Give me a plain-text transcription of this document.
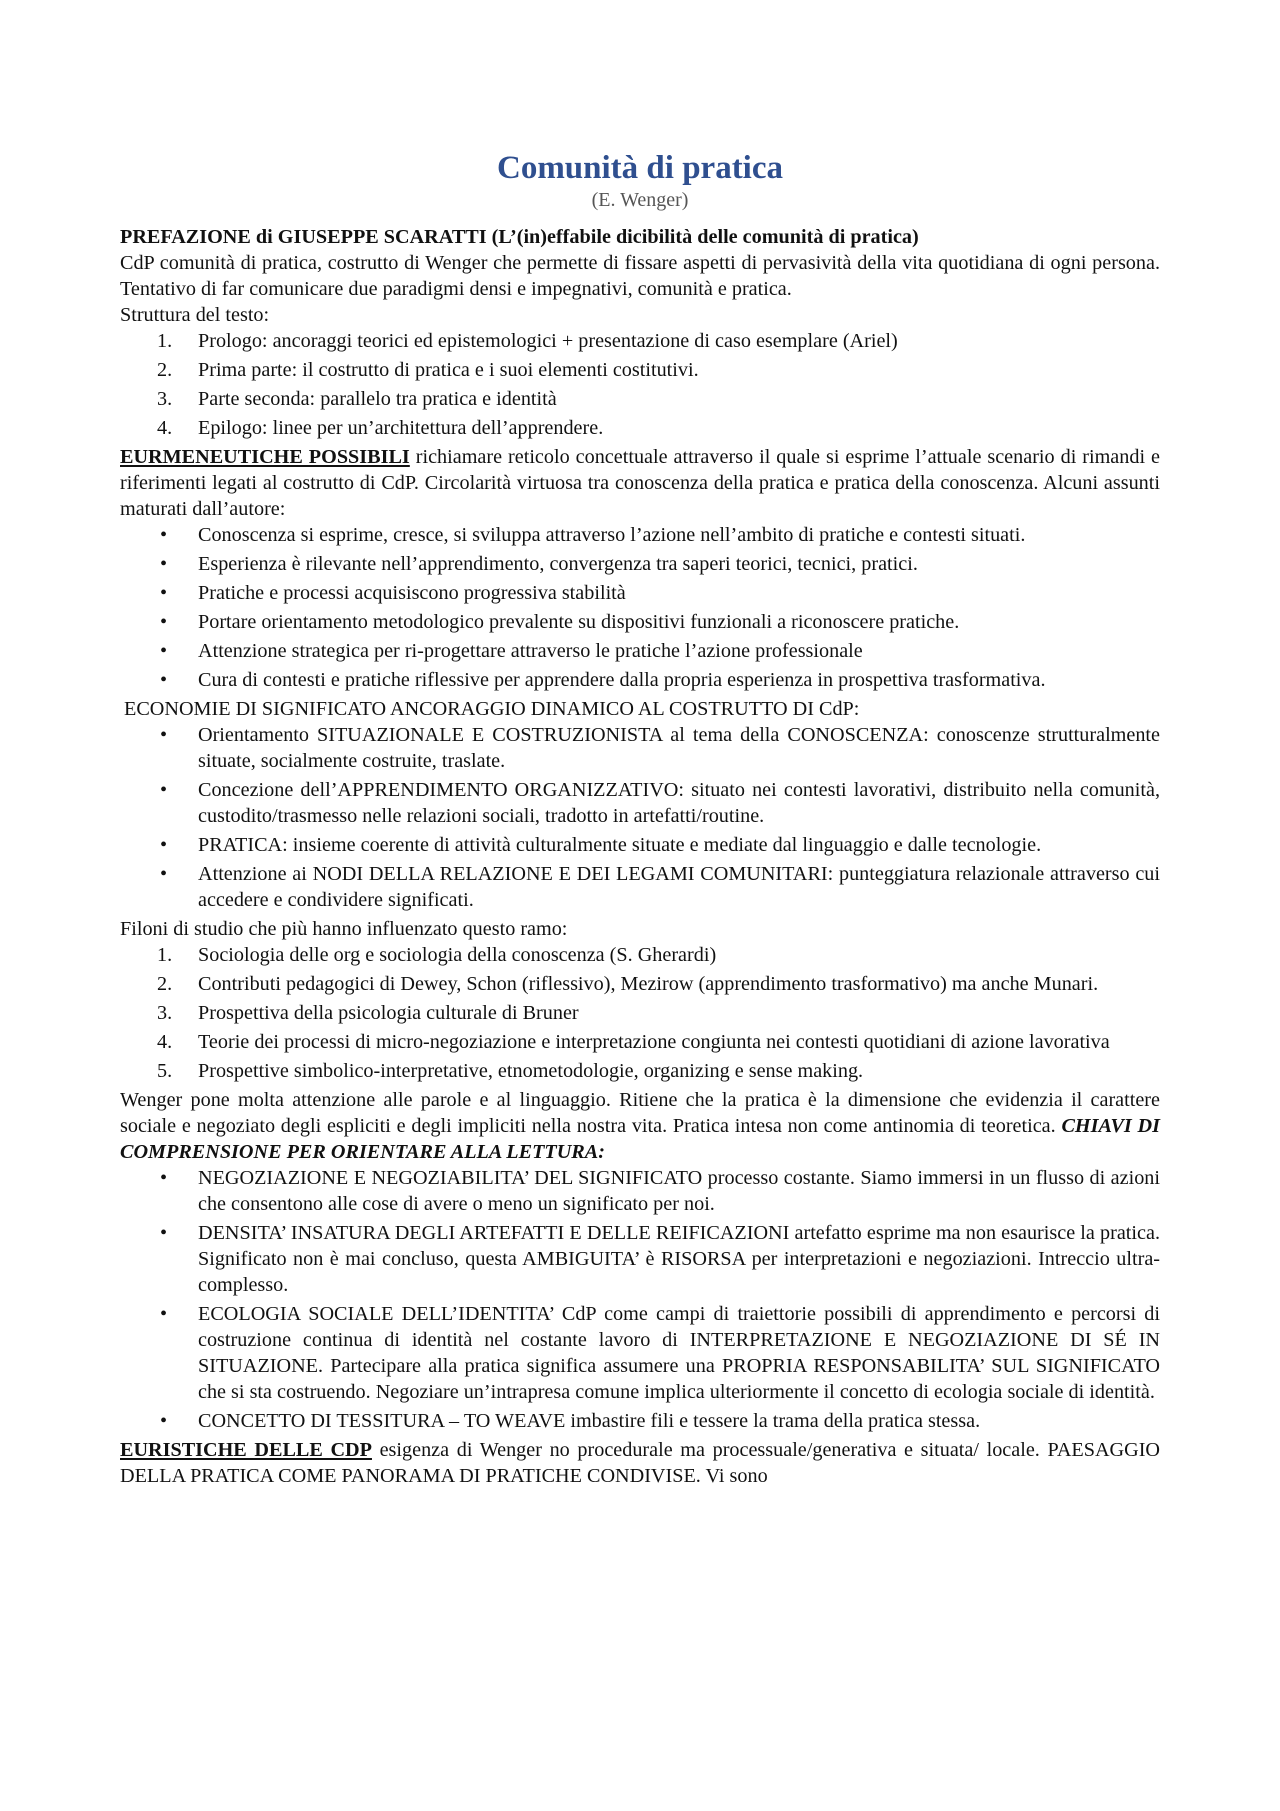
Comunità di pratica
(E. Wenger)

PREFAZIONE di GIUSEPPE SCARATTI (L’(in)effabile dicibilità delle comunità di pratica)

CdP comunità di pratica, costrutto di Wenger che permette di fissare aspetti di pervasività della vita quotidiana di ogni persona. Tentativo di far comunicare due paradigmi densi e impegnativi, comunità e pratica.

Struttura del testo:

1.	Prologo: ancoraggi teorici ed epistemologici + presentazione di caso esemplare (Ariel)
2.	Prima parte: il costrutto di pratica e i suoi elementi costitutivi.
3.	Parte seconda: parallelo tra pratica e identità
4.	Epilogo: linee per un’architettura dell’apprendere.

EURMENEUTICHE POSSIBILI richiamare reticolo concettuale attraverso il quale si esprime l’attuale scenario di rimandi e riferimenti legati al costrutto di CdP. Circolarità virtuosa tra conoscenza della pratica e pratica della conoscenza. Alcuni assunti maturati dall’autore:

•	Conoscenza si esprime, cresce, si sviluppa attraverso l’azione nell’ambito di pratiche e contesti situati.
•	Esperienza è rilevante nell’apprendimento, convergenza tra saperi teorici, tecnici, pratici.
•	Pratiche e processi acquisiscono progressiva stabilità
•	Portare orientamento metodologico prevalente su dispositivi funzionali a riconoscere pratiche.
•	Attenzione strategica per ri-progettare attraverso le pratiche l’azione professionale
•	Cura di contesti e pratiche riflessive per apprendere dalla propria esperienza in prospettiva trasformativa.

ECONOMIE DI SIGNIFICATO ANCORAGGIO DINAMICO AL COSTRUTTO DI CdP:

•	Orientamento SITUAZIONALE E COSTRUZIONISTA al tema della CONOSCENZA: conoscenze strutturalmente situate, socialmente costruite, traslate.
•	Concezione dell’APPRENDIMENTO ORGANIZZATIVO: situato nei contesti lavorativi, distribuito nella comunità, custodito/trasmesso nelle relazioni sociali, tradotto in artefatti/routine.
•	PRATICA: insieme coerente di attività culturalmente situate e mediate dal linguaggio e dalle tecnologie.
•	Attenzione ai NODI DELLA RELAZIONE E DEI LEGAMI COMUNITARI: punteggiatura relazionale attraverso cui accedere e condividere significati.

Filoni di studio che più hanno influenzato questo ramo:

1.	Sociologia delle org e sociologia della conoscenza (S. Gherardi)
2.	Contributi pedagogici di Dewey, Schon (riflessivo), Mezirow (apprendimento trasformativo) ma anche Munari.
3.	Prospettiva della psicologia culturale di Bruner
4.	Teorie dei processi di micro-negoziazione e interpretazione congiunta nei contesti quotidiani di azione lavorativa
5.	Prospettive simbolico-interpretative, etnometodologie, organizing e sense making.

Wenger pone molta attenzione alle parole e al linguaggio. Ritiene che la pratica è la dimensione che evidenzia il carattere sociale e negoziato degli espliciti e degli impliciti nella nostra vita. Pratica intesa non come antinomia di teoretica. CHIAVI DI COMPRENSIONE PER ORIENTARE ALLA LETTURA:

•	NEGOZIAZIONE E NEGOZIABILITA’ DEL SIGNIFICATO processo costante. Siamo immersi in un flusso di azioni che consentono alle cose di avere o meno un significato per noi.
•	DENSITA’ INSATURA DEGLI ARTEFATTI E DELLE REIFICAZIONI artefatto esprime ma non esaurisce la pratica. Significato non è mai concluso, questa AMBIGUITA’ è RISORSA per interpretazioni e negoziazioni. Intreccio ultra-complesso.
•	ECOLOGIA SOCIALE DELL’IDENTITA’ CdP come campi di traiettorie possibili di apprendimento e percorsi di costruzione continua di identità nel costante lavoro di INTERPRETAZIONE E NEGOZIAZIONE DI SÉ IN SITUAZIONE. Partecipare alla pratica significa assumere una PROPRIA RESPONSABILITA’ SUL SIGNIFICATO che si sta costruendo. Negoziare un’intrapresa comune implica ulteriormente il concetto di ecologia sociale di identità.
•	CONCETTO DI TESSITURA – TO WEAVE imbastire fili e tessere la trama della pratica stessa.

EURISTICHE DELLE CDP esigenza di Wenger no procedurale ma processuale/generativa e situata/ locale. PAESAGGIO DELLA PRATICA COME PANORAMA DI PRATICHE CONDIVISE. Vi sono
